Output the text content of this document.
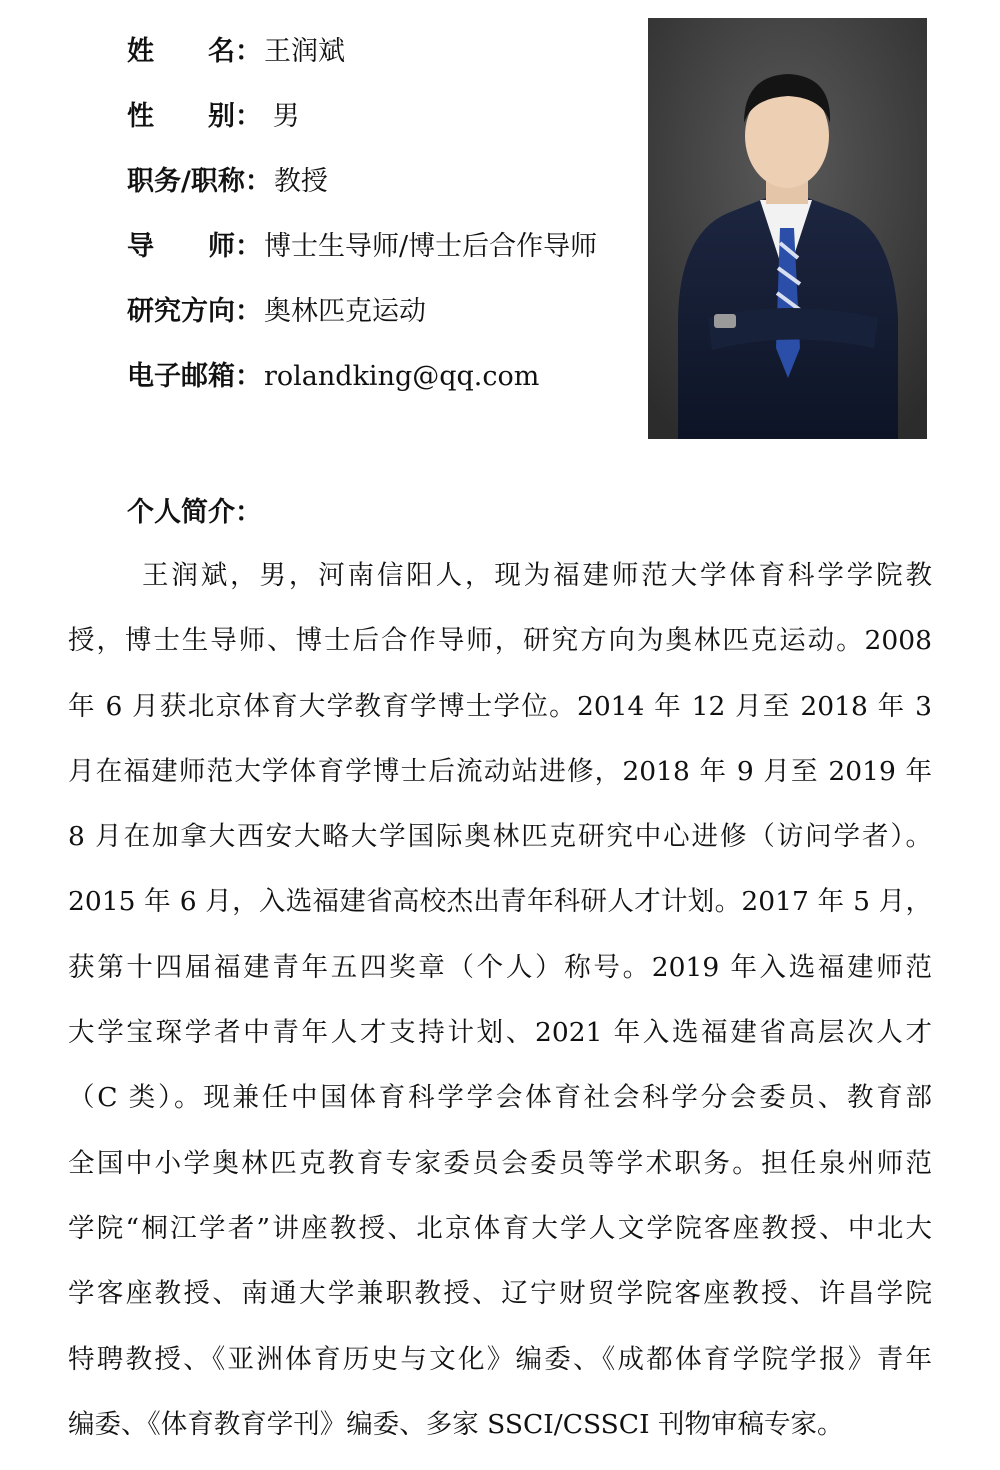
姓　　名：王润斌
性　　别： 男
职务/职称：教授
导　　师：博士生导师/博士后合作导师
研究方向：奥林匹克运动
电子邮箱：rolandking@qq.com
个人简介：
王润斌，男，河南信阳人，现为福建师范大学体育科学学院教
授，博士生导师、博士后合作导师，研究方向为奥林匹克运动。2008
年 6 月获北京体育大学教育学博士学位。2014 年 12 月至 2018 年 3
月在福建师范大学体育学博士后流动站进修，2018 年 9 月至 2019 年
8 月在加拿大西安大略大学国际奥林匹克研究中心进修（访问学者）。
2015 年 6 月，入选福建省高校杰出青年科研人才计划。2017 年 5 月，
获第十四届福建青年五四奖章（个人）称号。2019 年入选福建师范
大学宝琛学者中青年人才支持计划、2021 年入选福建省高层次人才
（C 类）。现兼任中国体育科学学会体育社会科学分会委员、教育部
全国中小学奥林匹克教育专家委员会委员等学术职务。担任泉州师范
学院“桐江学者”讲座教授、北京体育大学人文学院客座教授、中北大
学客座教授、南通大学兼职教授、辽宁财贸学院客座教授、许昌学院
特聘教授、《亚洲体育历史与文化》编委、《成都体育学院学报》青年
编委、《体育教育学刊》编委、多家 SSCI/CSSCI 刊物审稿专家。
